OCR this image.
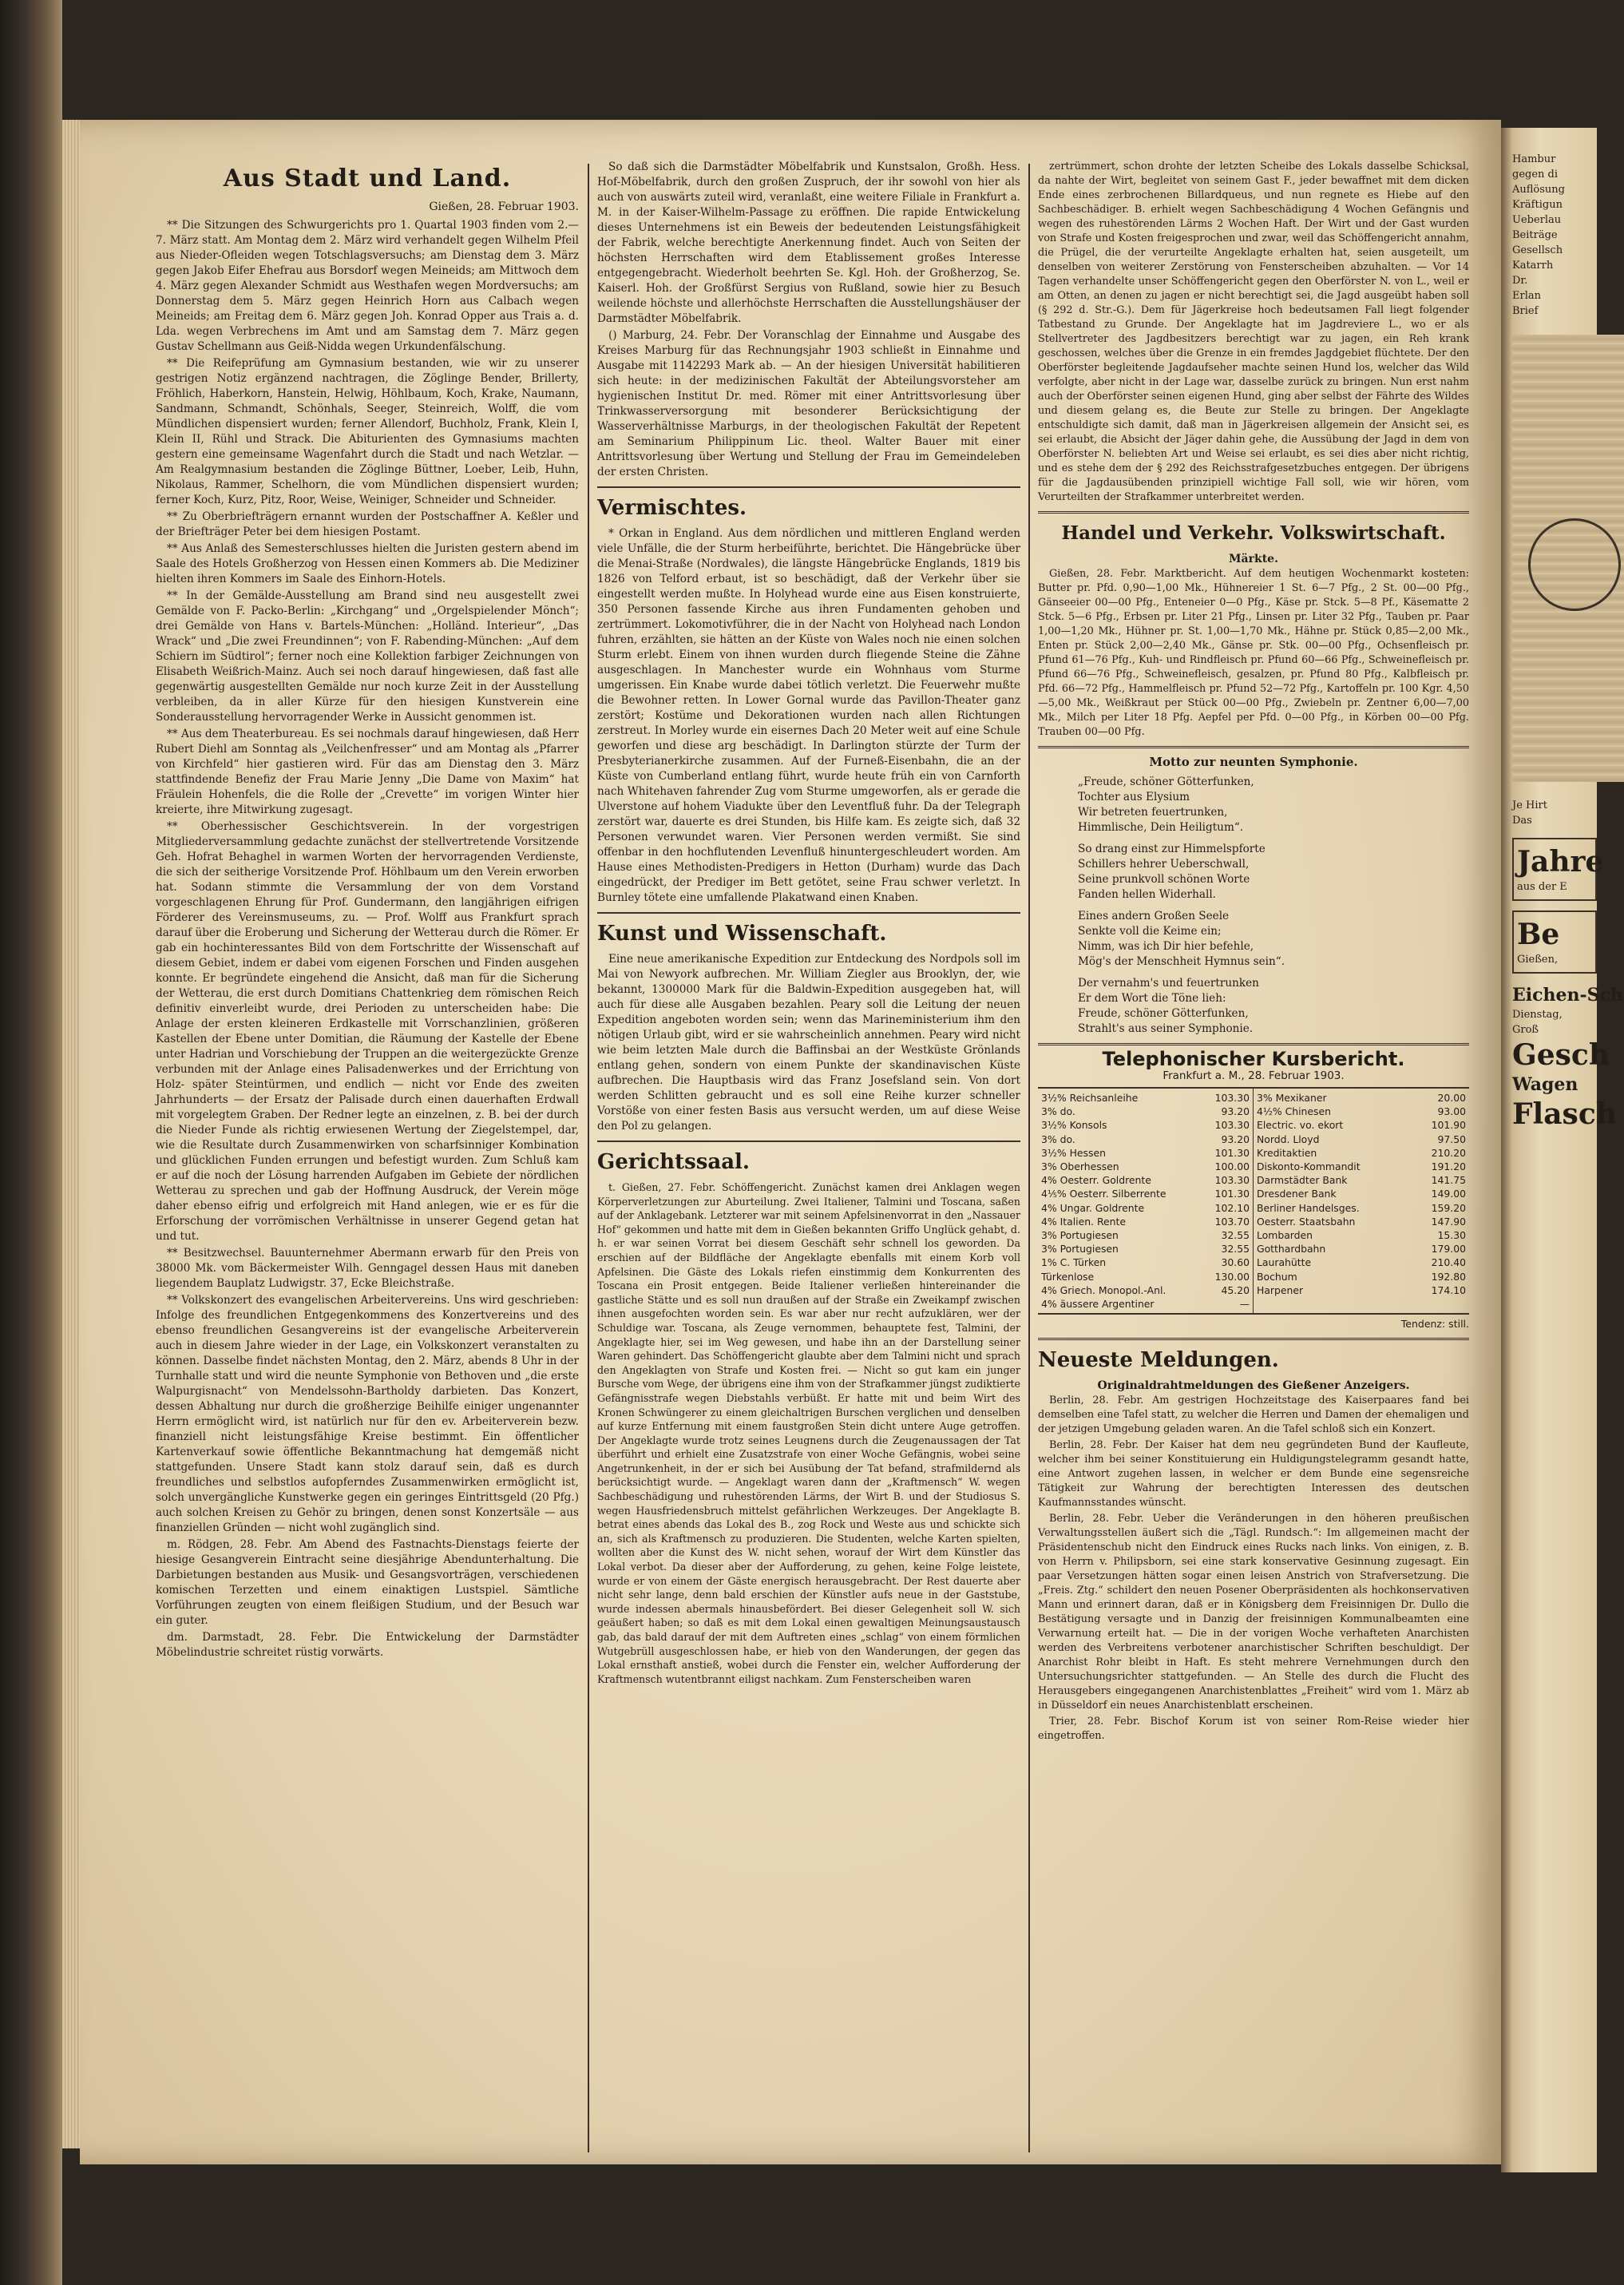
Aus Stadt und Land.
Gießen, 28. Februar 1903.

** Die Sitzungen des Schwurgerichts pro 1. Quartal 1903 finden vom 2.—7. März statt. Am Montag dem 2. März wird verhandelt gegen Wilhelm Pfeil aus Nieder-Ofleiden wegen Totschlagsversuchs; am Dienstag dem 3. März gegen Jakob Eifer Ehefrau aus Borsdorf wegen Meineids; am Mittwoch dem 4. März gegen Alexander Schmidt aus Westhafen wegen Mordversuchs; am Donnerstag dem 5. März gegen Heinrich Horn aus Calbach wegen Meineids; am Freitag dem 6. März gegen Joh. Konrad Opper aus Trais a. d. Lda. wegen Verbrechens im Amt und am Samstag dem 7. März gegen Gustav Schellmann aus Geiß-Nidda wegen Urkundenfälschung.

** Die Reifeprüfung am Gymnasium bestanden, wie wir zu unserer gestrigen Notiz ergänzend nachtragen, die Zöglinge Bender, Brillerty, Fröhlich, Haberkorn, Hanstein, Helwig, Höhlbaum, Koch, Krake, Naumann, Sandmann, Schmandt, Schönhals, Seeger, Steinreich, Wolff, die vom Mündlichen dispensiert wurden; ferner Allendorf, Buchholz, Frank, Klein I, Klein II, Rühl und Strack. Die Abiturienten des Gymnasiums machten gestern eine gemeinsame Wagenfahrt durch die Stadt und nach Wetzlar. — Am Realgymnasium bestanden die Zöglinge Büttner, Loeber, Leib, Huhn, Nikolaus, Rammer, Schelhorn, die vom Mündlichen dispensiert wurden; ferner Koch, Kurz, Pitz, Roor, Weise, Weiniger, Schneider und Schneider.

** Zu Oberbriefträgern ernannt wurden der Postschaffner A. Keßler und der Briefträger Peter bei dem hiesigen Postamt.

** Aus Anlaß des Semesterschlusses hielten die Juristen gestern abend im Saale des Hotels Großherzog von Hessen einen Kommers ab. Die Mediziner hielten ihren Kommers im Saale des Einhorn-Hotels.

** In der Gemälde-Ausstellung am Brand sind neu ausgestellt zwei Gemälde von F. Packo-Berlin: „Kirchgang“ und „Orgelspielender Mönch“; drei Gemälde von Hans v. Bartels-München: „Holländ. Interieur“, „Das Wrack“ und „Die zwei Freundinnen“; von F. Rabending-München: „Auf dem Schiern im Südtirol“; ferner noch eine Kollektion farbiger Zeichnungen von Elisabeth Weißrich-Mainz. Auch sei noch darauf hingewiesen, daß fast alle gegenwärtig ausgestellten Gemälde nur noch kurze Zeit in der Ausstellung verbleiben, da in aller Kürze für den hiesigen Kunstverein eine Sonderausstellung hervorragender Werke in Aussicht genommen ist.

** Aus dem Theaterbureau. Es sei nochmals darauf hingewiesen, daß Herr Rubert Diehl am Sonntag als „Veilchenfresser“ und am Montag als „Pfarrer von Kirchfeld“ hier gastieren wird. Für das am Dienstag den 3. März stattfindende Benefiz der Frau Marie Jenny „Die Dame von Maxim“ hat Fräulein Hohenfels, die die Rolle der „Crevette“ im vorigen Winter hier kreierte, ihre Mitwirkung zugesagt.

** Oberhessischer Geschichtsverein. In der vorgestrigen Mitgliederversammlung gedachte zunächst der stellvertretende Vorsitzende Geh. Hofrat Behaghel in warmen Worten der hervorragenden Verdienste, die sich der seitherige Vorsitzende Prof. Höhlbaum um den Verein erworben hat. Sodann stimmte die Versammlung der von dem Vorstand vorgeschlagenen Ehrung für Prof. Gundermann, den langjährigen eifrigen Förderer des Vereinsmuseums, zu. — Prof. Wolff aus Frankfurt sprach darauf über die Eroberung und Sicherung der Wetterau durch die Römer. Er gab ein hochinteressantes Bild von dem Fortschritte der Wissenschaft auf diesem Gebiet, indem er dabei vom eigenen Forschen und Finden ausgehen konnte. Er begründete eingehend die Ansicht, daß man für die Sicherung der Wetterau, die erst durch Domitians Chattenkrieg dem römischen Reich definitiv einverleibt wurde, drei Perioden zu unterscheiden habe: Die Anlage der ersten kleineren Erdkastelle mit Vorrschanzlinien, größeren Kastellen der Ebene unter Domitian, die Räumung der Kastelle der Ebene unter Hadrian und Vorschiebung der Truppen an die weitergezückte Grenze verbunden mit der Anlage eines Palisadenwerkes und der Errichtung von Holz- später Steintürmen, und endlich — nicht vor Ende des zweiten Jahrhunderts — der Ersatz der Palisade durch einen dauerhaften Erdwall mit vorgelegtem Graben. Der Redner legte an einzelnen, z. B. bei der durch die Nieder Funde als richtig erwiesenen Wertung der Ziegelstempel, dar, wie die Resultate durch Zusammenwirken von scharfsinniger Kombination und glücklichen Funden errungen und befestigt wurden. Zum Schluß kam er auf die noch der Lösung harrenden Aufgaben im Gebiete der nördlichen Wetterau zu sprechen und gab der Hoffnung Ausdruck, der Verein möge daher ebenso eifrig und erfolgreich mit Hand anlegen, wie er es für die Erforschung der vorrömischen Verhältnisse in unserer Gegend getan hat und tut.

** Besitzwechsel. Bauunternehmer Abermann erwarb für den Preis von 38000 Mk. vom Bäckermeister Wilh. Genngagel dessen Haus mit daneben liegendem Bauplatz Ludwigstr. 37, Ecke Bleichstraße.

** Volkskonzert des evangelischen Arbeitervereins. Uns wird geschrieben: Infolge des freundlichen Entgegenkommens des Konzertvereins und des ebenso freundlichen Gesangvereins ist der evangelische Arbeiterverein auch in diesem Jahre wieder in der Lage, ein Volkskonzert veranstalten zu können. Dasselbe findet nächsten Montag, den 2. März, abends 8 Uhr in der Turnhalle statt und wird die neunte Symphonie von Bethoven und „die erste Walpurgisnacht“ von Mendelssohn-Bartholdy darbieten. Das Konzert, dessen Abhaltung nur durch die großherzige Beihilfe einiger ungenannter Herrn ermöglicht wird, ist natürlich nur für den ev. Arbeiterverein bezw. finanziell nicht leistungsfähige Kreise bestimmt. Ein öffentlicher Kartenverkauf sowie öffentliche Bekanntmachung hat demgemäß nicht stattgefunden. Unsere Stadt kann stolz darauf sein, daß es durch freundliches und selbstlos aufopferndes Zusammenwirken ermöglicht ist, solch unvergängliche Kunstwerke gegen ein geringes Eintrittsgeld (20 Pfg.) auch solchen Kreisen zu Gehör zu bringen, denen sonst Konzertsäle — aus finanziellen Gründen — nicht wohl zugänglich sind.

m. Rödgen, 28. Febr. Am Abend des Fastnachts-Dienstags feierte der hiesige Gesangverein Eintracht seine diesjährige Abendunterhaltung. Die Darbietungen bestanden aus Musik- und Gesangsvorträgen, verschiedenen komischen Terzetten und einem einaktigen Lustspiel. Sämtliche Vorführungen zeugten von einem fleißigen Studium, und der Besuch war ein guter.

dm. Darmstadt, 28. Febr. Die Entwickelung der Darmstädter Möbelindustrie schreitet rüstig vorwärts.

So daß sich die Darmstädter Möbelfabrik und Kunstsalon, Großh. Hess. Hof-Möbelfabrik, durch den großen Zuspruch, der ihr sowohl von hier als auch von auswärts zuteil wird, veranlaßt, eine weitere Filiale in Frankfurt a. M. in der Kaiser-Wilhelm-Passage zu eröffnen. Die rapide Entwickelung dieses Unternehmens ist ein Beweis der bedeutenden Leistungsfähigkeit der Fabrik, welche berechtigte Anerkennung findet. Auch von Seiten der höchsten Herrschaften wird dem Etablissement großes Interesse entgegengebracht. Wiederholt beehrten Se. Kgl. Hoh. der Großherzog, Se. Kaiserl. Hoh. der Großfürst Sergius von Rußland, sowie hier zu Besuch weilende höchste und allerhöchste Herrschaften die Ausstellungshäuser der Darmstädter Möbelfabrik.

() Marburg, 24. Febr. Der Voranschlag der Einnahme und Ausgabe des Kreises Marburg für das Rechnungsjahr 1903 schließt in Einnahme und Ausgabe mit 1142293 Mark ab. — An der hiesigen Universität habilitieren sich heute: in der medizinischen Fakultät der Abteilungsvorsteher am hygienischen Institut Dr. med. Römer mit einer Antrittsvorlesung über Trinkwasserversorgung mit besonderer Berücksichtigung der Wasserverhältnisse Marburgs, in der theologischen Fakultät der Repetent am Seminarium Philippinum Lic. theol. Walter Bauer mit einer Antrittsvorlesung über Wertung und Stellung der Frau im Gemeindeleben der ersten Christen.

Vermischtes.

* Orkan in England. Aus dem nördlichen und mittleren England werden viele Unfälle, die der Sturm herbeiführte, berichtet. Die Hängebrücke über die Menai-Straße (Nordwales), die längste Hängebrücke Englands, 1819 bis 1826 von Telford erbaut, ist so beschädigt, daß der Verkehr über sie eingestellt werden mußte. In Holyhead wurde eine aus Eisen konstruierte, 350 Personen fassende Kirche aus ihren Fundamenten gehoben und zertrümmert. Lokomotivführer, die in der Nacht von Holyhead nach London fuhren, erzählten, sie hätten an der Küste von Wales noch nie einen solchen Sturm erlebt. Einem von ihnen wurden durch fliegende Steine die Zähne ausgeschlagen. In Manchester wurde ein Wohnhaus vom Sturme umgerissen. Ein Knabe wurde dabei tötlich verletzt. Die Feuerwehr mußte die Bewohner retten. In Lower Gornal wurde das Pavillon-Theater ganz zerstört; Kostüme und Dekorationen wurden nach allen Richtungen zerstreut. In Morley wurde ein eisernes Dach 20 Meter weit auf eine Schule geworfen und diese arg beschädigt. In Darlington stürzte der Turm der Presbyterianerkirche zusammen. Auf der Furneß-Eisenbahn, die an der Küste von Cumberland entlang führt, wurde heute früh ein von Carnforth nach Whitehaven fahrender Zug vom Sturme umgeworfen, als er gerade die Ulverstone auf hohem Viadukte über den Leventfluß fuhr. Da der Telegraph zerstört war, dauerte es drei Stunden, bis Hilfe kam. Es zeigte sich, daß 32 Personen verwundet waren. Vier Personen werden vermißt. Sie sind offenbar in den hochflutenden Levenfluß hinuntergeschleudert worden. Am Hause eines Methodisten-Predigers in Hetton (Durham) wurde das Dach eingedrückt, der Prediger im Bett getötet, seine Frau schwer verletzt. In Burnley tötete eine umfallende Plakatwand einen Knaben.

Kunst und Wissenschaft.

Eine neue amerikanische Expedition zur Entdeckung des Nordpols soll im Mai von Newyork aufbrechen. Mr. William Ziegler aus Brooklyn, der, wie bekannt, 1300000 Mark für die Baldwin-Expedition ausgegeben hat, will auch für diese alle Ausgaben bezahlen. Peary soll die Leitung der neuen Expedition angeboten worden sein; wenn das Marineministerium ihm den nötigen Urlaub gibt, wird er sie wahrscheinlich annehmen. Peary wird nicht wie beim letzten Male durch die Baffinsbai an der Westküste Grönlands entlang gehen, sondern von einem Punkte der skandinavischen Küste aufbrechen. Die Hauptbasis wird das Franz Josefsland sein. Von dort werden Schlitten gebraucht und es soll eine Reihe kurzer schneller Vorstöße von einer festen Basis aus versucht werden, um auf diese Weise den Pol zu gelangen.

Gerichtssaal.

t. Gießen, 27. Febr. Schöffengericht. Zunächst kamen drei Anklagen wegen Körperverletzungen zur Aburteilung. Zwei Italiener, Talmini und Toscana, saßen auf der Anklagebank. Letzterer war mit seinem Apfelsinenvorrat in den „Nassauer Hof“ gekommen und hatte mit dem in Gießen bekannten Griffo Unglück gehabt, d. h. er war seinen Vorrat bei diesem Geschäft sehr schnell los geworden. Da erschien auf der Bildfläche der Angeklagte ebenfalls mit einem Korb voll Apfelsinen. Die Gäste des Lokals riefen einstimmig dem Konkurrenten des Toscana ein Prosit entgegen. Beide Italiener verließen hintereinander die gastliche Stätte und es soll nun draußen auf der Straße ein Zweikampf zwischen ihnen ausgefochten worden sein. Es war aber nur recht aufzuklären, wer der Schuldige war. Toscana, als Zeuge vernommen, behauptete fest, Talmini, der Angeklagte hier, sei im Weg gewesen, und habe ihn an der Darstellung seiner Waren gehindert. Das Schöffengericht glaubte aber dem Talmini nicht und sprach den Angeklagten von Strafe und Kosten frei. — Nicht so gut kam ein junger Bursche vom Wege, der übrigens eine ihm von der Strafkammer jüngst zudiktierte Gefängnisstrafe wegen Diebstahls verbüßt. Er hatte mit und beim Wirt des Kronen Schwüngerer zu einem gleichaltrigen Burschen verglichen und denselben auf kurze Entfernung mit einem faustgroßen Stein dicht untere Auge getroffen. Der Angeklagte wurde trotz seines Leugnens durch die Zeugenaussagen der Tat überführt und erhielt eine Zusatzstrafe von einer Woche Gefängnis, wobei seine Angetrunkenheit, in der er sich bei Ausübung der Tat befand, strafmildernd als berücksichtigt wurde. — Angeklagt waren dann der „Kraftmensch“ W. wegen Sachbeschädigung und ruhestörenden Lärms, der Wirt B. und der Studiosus S. wegen Hausfriedensbruch mittelst gefährlichen Werkzeuges. Der Angeklagte B. betrat eines abends das Lokal des B., zog Rock und Weste aus und schickte sich an, sich als Kraftmensch zu produzieren. Die Studenten, welche Karten spielten, wollten aber die Kunst des W. nicht sehen, worauf der Wirt dem Künstler das Lokal verbot. Da dieser aber der Aufforderung, zu gehen, keine Folge leistete, wurde er von einem der Gäste energisch herausgebracht. Der Rest dauerte aber nicht sehr lange, denn bald erschien der Künstler aufs neue in der Gaststube, wurde indessen abermals hinausbefördert. Bei dieser Gelegenheit soll W. sich geäußert haben; so daß es mit dem Lokal einen gewaltigen Meinungsaustausch gab, das bald darauf der mit dem Auftreten eines „schlag“ von einem förmlichen Wutgebrüll ausgeschlossen habe, er hieb von den Wanderungen, der gegen das Lokal ernsthaft anstieß, wobei durch die Fenster ein, welcher Aufforderung der Kraftmensch wutentbrannt eiligst nachkam. Zum Fensterscheiben waren

zertrümmert, schon drohte der letzten Scheibe des Lokals dasselbe Schicksal, da nahte der Wirt, begleitet von seinem Gast F., jeder bewaffnet mit dem dicken Ende eines zerbrochenen Billardqueus, und nun regnete es Hiebe auf den Sachbeschädiger. B. erhielt wegen Sachbeschädigung 4 Wochen Gefängnis und wegen des ruhestörenden Lärms 2 Wochen Haft. Der Wirt und der Gast wurden von Strafe und Kosten freigesprochen und zwar, weil das Schöffengericht annahm, die Prügel, die der verurteilte Angeklagte erhalten hat, seien ausgeteilt, um denselben von weiterer Zerstörung von Fensterscheiben abzuhalten. — Vor 14 Tagen verhandelte unser Schöffengericht gegen den Oberförster N. von L., weil er am Otten, an denen zu jagen er nicht berechtigt sei, die Jagd ausgeübt haben soll (§ 292 d. Str.-G.). Dem für Jägerkreise hoch bedeutsamen Fall liegt folgender Tatbestand zu Grunde. Der Angeklagte hat im Jagdreviere L., wo er als Stellvertreter des Jagdbesitzers berechtigt war zu jagen, ein Reh krank geschossen, welches über die Grenze in ein fremdes Jagdgebiet flüchtete. Der den Oberförster begleitende Jagdaufseher machte seinen Hund los, welcher das Wild verfolgte, aber nicht in der Lage war, dasselbe zurück zu bringen. Nun erst nahm auch der Oberförster seinen eigenen Hund, ging aber selbst der Fährte des Wildes und diesem gelang es, die Beute zur Stelle zu bringen. Der Angeklagte entschuldigte sich damit, daß man in Jägerkreisen allgemein der Ansicht sei, es sei erlaubt, die Absicht der Jäger dahin gehe, die Aussübung der Jagd in dem von Oberförster N. beliebten Art und Weise sei erlaubt, es sei dies aber nicht richtig, und es stehe dem der § 292 des Reichsstrafgesetzbuches entgegen. Der übrigens für die Jagdausübenden prinzipiell wichtige Fall soll, wie wir hören, vom Verurteilten der Strafkammer unterbreitet werden.

Handel und Verkehr. Volkswirtschaft.
Märkte.

Gießen, 28. Febr. Marktbericht. Auf dem heutigen Wochenmarkt kosteten: Butter pr. Pfd. 0,90—1,00 Mk., Hühnereier 1 St. 6—7 Pfg., 2 St. 00—00 Pfg., Gänseeier 00—00 Pfg., Enteneier 0—0 Pfg., Käse pr. Stck. 5—8 Pf., Käsematte 2 Stck. 5—6 Pfg., Erbsen pr. Liter 21 Pfg., Linsen pr. Liter 32 Pfg., Tauben pr. Paar 1,00—1,20 Mk., Hühner pr. St. 1,00—1,70 Mk., Hähne pr. Stück 0,85—2,00 Mk., Enten pr. Stück 2,00—2,40 Mk., Gänse pr. Stk. 00—00 Pfg., Ochsenfleisch pr. Pfund 61—76 Pfg., Kuh- und Rindfleisch pr. Pfund 60—66 Pfg., Schweinefleisch pr. Pfund 66—76 Pfg., Schweinefleisch, gesalzen, pr. Pfund 80 Pfg., Kalbfleisch pr. Pfd. 66—72 Pfg., Hammelfleisch pr. Pfund 52—72 Pfg., Kartoffeln pr. 100 Kgr. 4,50—5,00 Mk., Weißkraut per Stück 00—00 Pfg., Zwiebeln pr. Zentner 6,00—7,00 Mk., Milch per Liter 18 Pfg. Aepfel per Pfd. 0—00 Pfg., in Körben 00—00 Pfg. Trauben 00—00 Pfg.

Motto zur neunten Symphonie.
„Freude, schöner Götterfunken,
Tochter aus Elysium
Wir betreten feuertrunken,
Himmlische, Dein Heiligtum“.
So drang einst zur Himmelspforte
Schillers hehrer Ueberschwall,
Seine prunkvoll schönen Worte
Fanden hellen Widerhall.
Eines andern Großen Seele
Senkte voll die Keime ein;
Nimm, was ich Dir hier befehle,
Mög's der Menschheit Hymnus sein“.
Der vernahm's und feuertrunken
Er dem Wort die Töne lieh:
Freude, schöner Götterfunken,
Strahlt's aus seiner Symphonie.
Telephonischer Kursbericht.
Frankfurt a. M., 28. Februar 1903.
3½% Reichsanleihe	103.30
3% do.	93.20
3½% Konsols	103.30
3% do.	93.20
3½% Hessen	101.30
3% Oberhessen	100.00
4% Oesterr. Goldrente	103.30
4⅕% Oesterr. Silberrente	101.30
4% Ungar. Goldrente	102.10
4% Italien. Rente	103.70
3% Portugiesen	32.55
3% Portugiesen	32.55
1% C. Türken	30.60
Türkenlose	130.00
4% Griech. Monopol.-Anl.	45.20
4% äussere Argentiner	—
3% Mexikaner	20.00
4½% Chinesen	93.00
Electric. vo. ekort	101.90
Nordd. Lloyd	97.50
Kreditaktien	210.20
Diskonto-Kommandit	191.20
Darmstädter Bank	141.75
Dresdener Bank	149.00
Berliner Handelsges.	159.20
Oesterr. Staatsbahn	147.90
Lombarden	15.30
Gotthardbahn	179.00
Laurahütte	210.40
Bochum	192.80
Harpener	174.10
Tendenz: still.
Neueste Meldungen.
Originaldrahtmeldungen des Gießener Anzeigers.

Berlin, 28. Febr. Am gestrigen Hochzeitstage des Kaiserpaares fand bei demselben eine Tafel statt, zu welcher die Herren und Damen der ehemaligen und der jetzigen Umgebung geladen waren. An die Tafel schloß sich ein Konzert.

Berlin, 28. Febr. Der Kaiser hat dem neu gegründeten Bund der Kaufleute, welcher ihm bei seiner Konstituierung ein Huldigungstelegramm gesandt hatte, eine Antwort zugehen lassen, in welcher er dem Bunde eine segensreiche Tätigkeit zur Wahrung der berechtigten Interessen des deutschen Kaufmannsstandes wünscht.

Berlin, 28. Febr. Ueber die Veränderungen in den höheren preußischen Verwaltungsstellen äußert sich die „Tägl. Rundsch.“: Im allgemeinen macht der Präsidentenschub nicht den Eindruck eines Rucks nach links. Von einigen, z. B. von Herrn v. Philipsborn, sei eine stark konservative Gesinnung zugesagt. Ein paar Versetzungen hätten sogar einen leisen Anstrich von Strafversetzung. Die „Freis. Ztg.“ schildert den neuen Posener Oberpräsidenten als hochkonservativen Mann und erinnert daran, daß er in Königsberg dem Freisinnigen Dr. Dullo die Bestätigung versagte und in Danzig der freisinnigen Kommunalbeamten eine Verwarnung erteilt hat. — Die in der vorigen Woche verhafteten Anarchisten werden des Verbreitens verbotener anarchistischer Schriften beschuldigt. Der Anarchist Rohr bleibt in Haft. Es steht mehrere Vernehmungen durch den Untersuchungsrichter stattgefunden. — An Stelle des durch die Flucht des Herausgebers eingegangenen Anarchistenblattes „Freiheit“ wird vom 1. März ab in Düsseldorf ein neues Anarchistenblatt erscheinen.

Trier, 28. Febr. Bischof Korum ist von seiner Rom-Reise wieder hier eingetroffen.

Hambur
gegen di
Auflösung
Kräftigun
Ueberlau
Beiträge
Gesellsch
Katarrh
Dr.
Erlan
Brief
Je Hirt
Das
Jahre
aus der E
Be
Gießen,
Eichen-Sch
Dienstag,
Groß
Gesch
Wagen
Flasch
